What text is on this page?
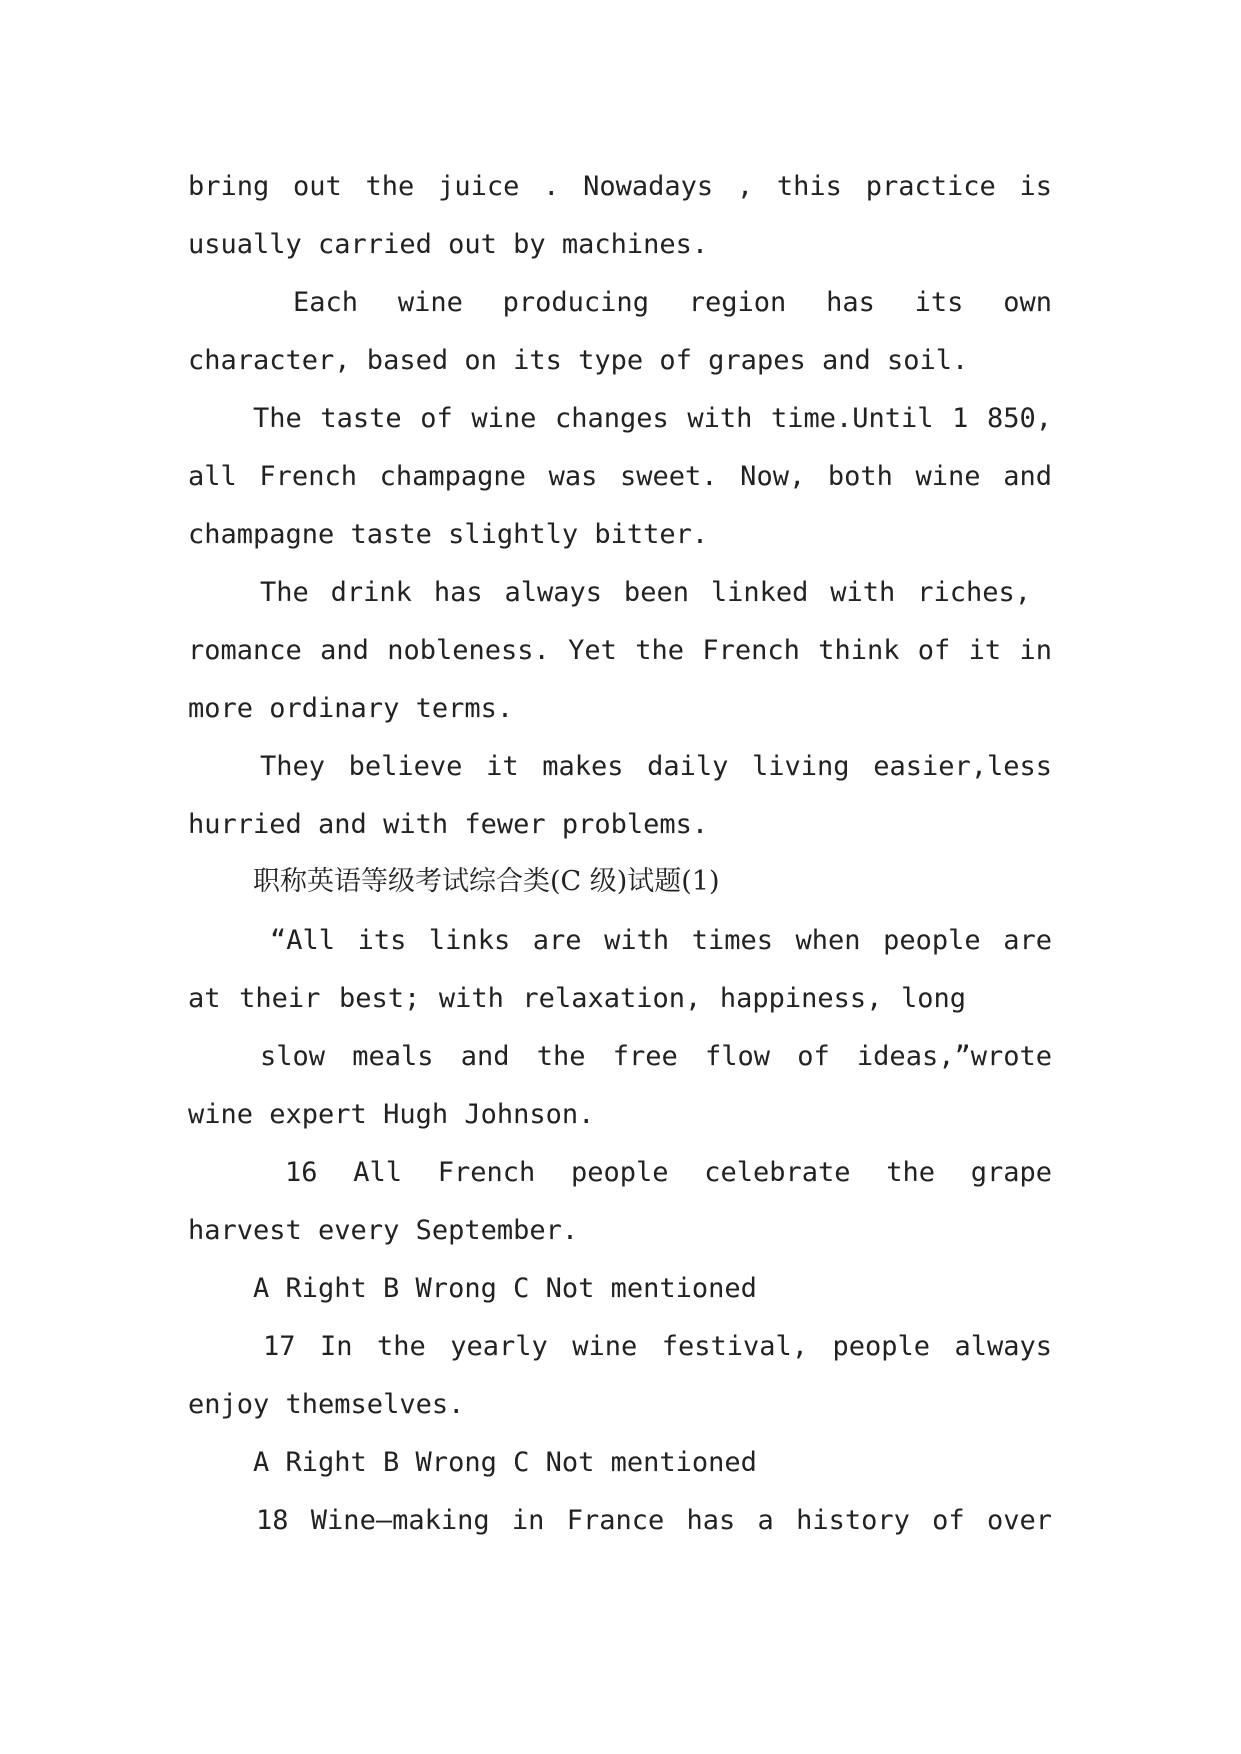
bring out the juice . Nowadays , this practice is
usually carried out by machines.
Each wine producing region has its own
character, based on its type of grapes and soil.
The taste of wine changes with time.Until 1 850,
all French champagne was sweet. Now, both wine and
champagne taste slightly bitter.
The drink has always been linked with riches,
romance and nobleness. Yet the French think of it in
more ordinary terms.
They believe it makes daily living easier,less
hurried and with fewer problems.
职称英语等级考试综合类(C 级)试题(1)
“All its links are with times when people are
at their best; with relaxation, happiness, long
slow meals and the free flow of ideas,”wrote
wine expert Hugh Johnson.
16 All French people celebrate the grape
harvest every September.
A Right B Wrong C Not mentioned
17 In the yearly wine festival, people always
enjoy themselves.
A Right B Wrong C Not mentioned
18 Wine—making in France has a history of over
